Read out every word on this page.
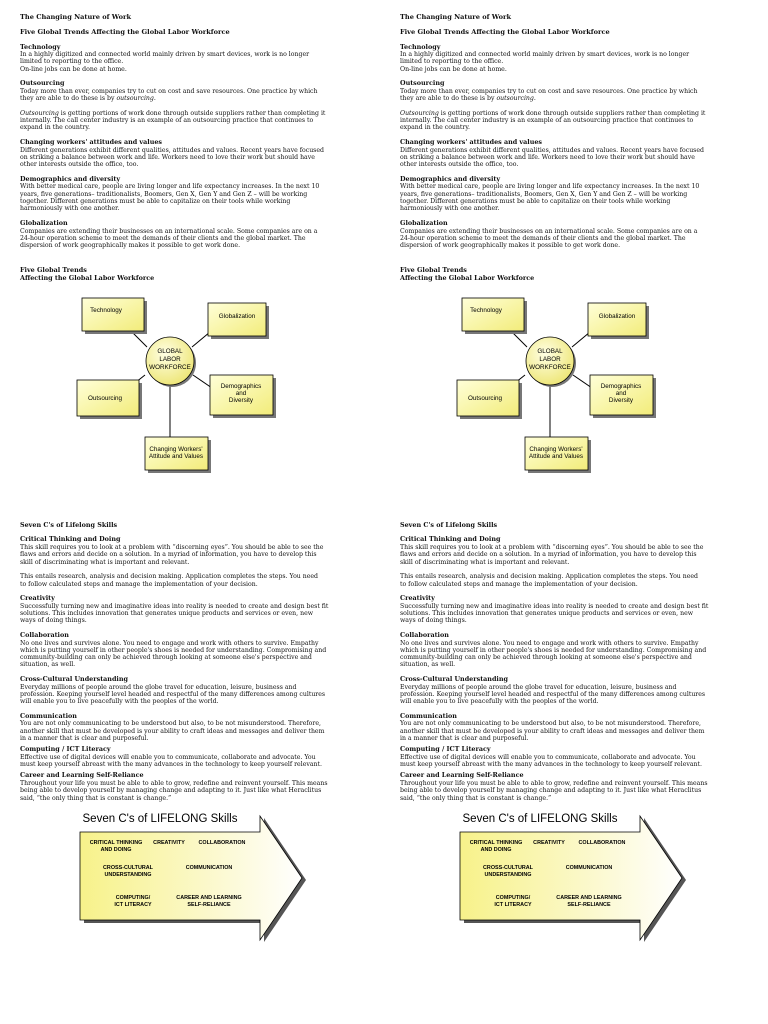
The Changing Nature of Work

Five Global Trends Affecting the Global Labor Workforce

Technology

In a highly digitized and connected world mainly driven by smart devices, work is no longer

limited to reporting to the office.

On-line jobs can be done at home.

Outsourcing

Today more than ever, companies try to cut on cost and save resources. One practice by which

they are able to do these is by outsourcing.

Outsourcing is getting portions of work done through outside suppliers rather than completing it

internally. The call center industry is an example of an outsourcing practice that continues to

expand in the country.

Changing workers' attitudes and values

Different generations exhibit different qualities, attitudes and values. Recent years have focused

on striking a balance between work and life. Workers need to love their work but should have

other interests outside the office, too.

Demographics and diversity

With better medical care, people are living longer and life expectancy increases. In the next 10

years, five generations– traditionalists, Boomers, Gen X, Gen Y and Gen Z – will be working

together. Different generations must be able to capitalize on their tools while working

harmoniously with one another.

Globalization

Companies are extending their businesses on an international scale. Some companies are on a

24-hour operation scheme to meet the demands of their clients and the global market. The

dispersion of work geographically makes it possible to get work done.

Five Global Trends

Affecting the Global Labor Workforce

GLOBAL
LABOR
WORKFORCE
Technology
Globalization
Outsourcing
Demographics
and
Diversity
Changing Workers'
Attitude and Values

Seven C's of Lifelong Skills

Critical Thinking and Doing

This skill requires you to look at a problem with “discerning eyes”. You should be able to see the

flaws and errors and decide on a solution. In a myriad of information, you have to develop this

skill of discriminating what is important and relevant.

This entails research, analysis and decision making. Application completes the steps. You need

to follow calculated steps and manage the implementation of your decision.

Creativity

Successfully turning new and imaginative ideas into reality is needed to create and design best fit

solutions. This includes innovation that generates unique products and services or even, new

ways of doing things.

Collaboration

No one lives and survives alone. You need to engage and work with others to survive. Empathy

which is putting yourself in other people's shoes is needed for understanding. Compromising and

community-building can only be achieved through looking at someone else's perspective and

situation, as well.

Cross-Cultural Understanding

Everyday millions of people around the globe travel for education, leisure, business and

profession. Keeping yourself level headed and respectful of the many differences among cultures

will enable you to live peacefully with the peoples of the world.

Communication

You are not only communicating to be understood but also, to be not misunderstood. Therefore,

another skill that must be developed is your ability to craft ideas and messages and deliver them

in a manner that is clear and purposeful.

Computing / ICT Literacy

Effective use of digital devices will enable you to communicate, collaborate and advocate. You

must keep yourself abreast with the many advances in the technology to keep yourself relevant.

Career and Learning Self-Reliance

Throughout your life you must be able to able to grow, redefine and reinvent yourself. This means

being able to develop yourself by managing change and adapting to it. Just like what Heraclitus

said, “the only thing that is constant is change.”

Seven C's of LIFELONG Skills
CRITICAL THINKING
AND DOING
CREATIVITY	COLLABORATION
CROSS-CULTURAL
UNDERSTANDING
COMMUNICATION
COMPUTING/
ICT LITERACY
CAREER AND LEARNING
SELF-RELIANCE

The Changing Nature of Work

Five Global Trends Affecting the Global Labor Workforce

Technology

In a highly digitized and connected world mainly driven by smart devices, work is no longer

limited to reporting to the office.

On-line jobs can be done at home.

Outsourcing

Today more than ever, companies try to cut on cost and save resources. One practice by which

they are able to do these is by outsourcing.

Outsourcing is getting portions of work done through outside suppliers rather than completing it

internally. The call center industry is an example of an outsourcing practice that continues to

expand in the country.

Changing workers' attitudes and values

Different generations exhibit different qualities, attitudes and values. Recent years have focused

on striking a balance between work and life. Workers need to love their work but should have

other interests outside the office, too.

Demographics and diversity

With better medical care, people are living longer and life expectancy increases. In the next 10

years, five generations– traditionalists, Boomers, Gen X, Gen Y and Gen Z – will be working

together. Different generations must be able to capitalize on their tools while working

harmoniously with one another.

Globalization

Companies are extending their businesses on an international scale. Some companies are on a

24-hour operation scheme to meet the demands of their clients and the global market. The

dispersion of work geographically makes it possible to get work done.

Five Global Trends

Affecting the Global Labor Workforce

GLOBAL
LABOR
WORKFORCE
Technology
Globalization
Outsourcing
Demographics
and
Diversity
Changing Workers'
Attitude and Values

Seven C's of Lifelong Skills

Critical Thinking and Doing

This skill requires you to look at a problem with “discerning eyes”. You should be able to see the

flaws and errors and decide on a solution. In a myriad of information, you have to develop this

skill of discriminating what is important and relevant.

This entails research, analysis and decision making. Application completes the steps. You need

to follow calculated steps and manage the implementation of your decision.

Creativity

Successfully turning new and imaginative ideas into reality is needed to create and design best fit

solutions. This includes innovation that generates unique products and services or even, new

ways of doing things.

Collaboration

No one lives and survives alone. You need to engage and work with others to survive. Empathy

which is putting yourself in other people's shoes is needed for understanding. Compromising and

community-building can only be achieved through looking at someone else's perspective and

situation, as well.

Cross-Cultural Understanding

Everyday millions of people around the globe travel for education, leisure, business and

profession. Keeping yourself level headed and respectful of the many differences among cultures

will enable you to live peacefully with the peoples of the world.

Communication

You are not only communicating to be understood but also, to be not misunderstood. Therefore,

another skill that must be developed is your ability to craft ideas and messages and deliver them

in a manner that is clear and purposeful.

Computing / ICT Literacy

Effective use of digital devices will enable you to communicate, collaborate and advocate. You

must keep yourself abreast with the many advances in the technology to keep yourself relevant.

Career and Learning Self-Reliance

Throughout your life you must be able to able to grow, redefine and reinvent yourself. This means

being able to develop yourself by managing change and adapting to it. Just like what Heraclitus

said, “the only thing that is constant is change.”

Seven C's of LIFELONG Skills
CRITICAL THINKING
AND DOING
CREATIVITY	COLLABORATION
CROSS-CULTURAL
UNDERSTANDING
COMMUNICATION
COMPUTING/
ICT LITERACY
CAREER AND LEARNING
SELF-RELIANCE
